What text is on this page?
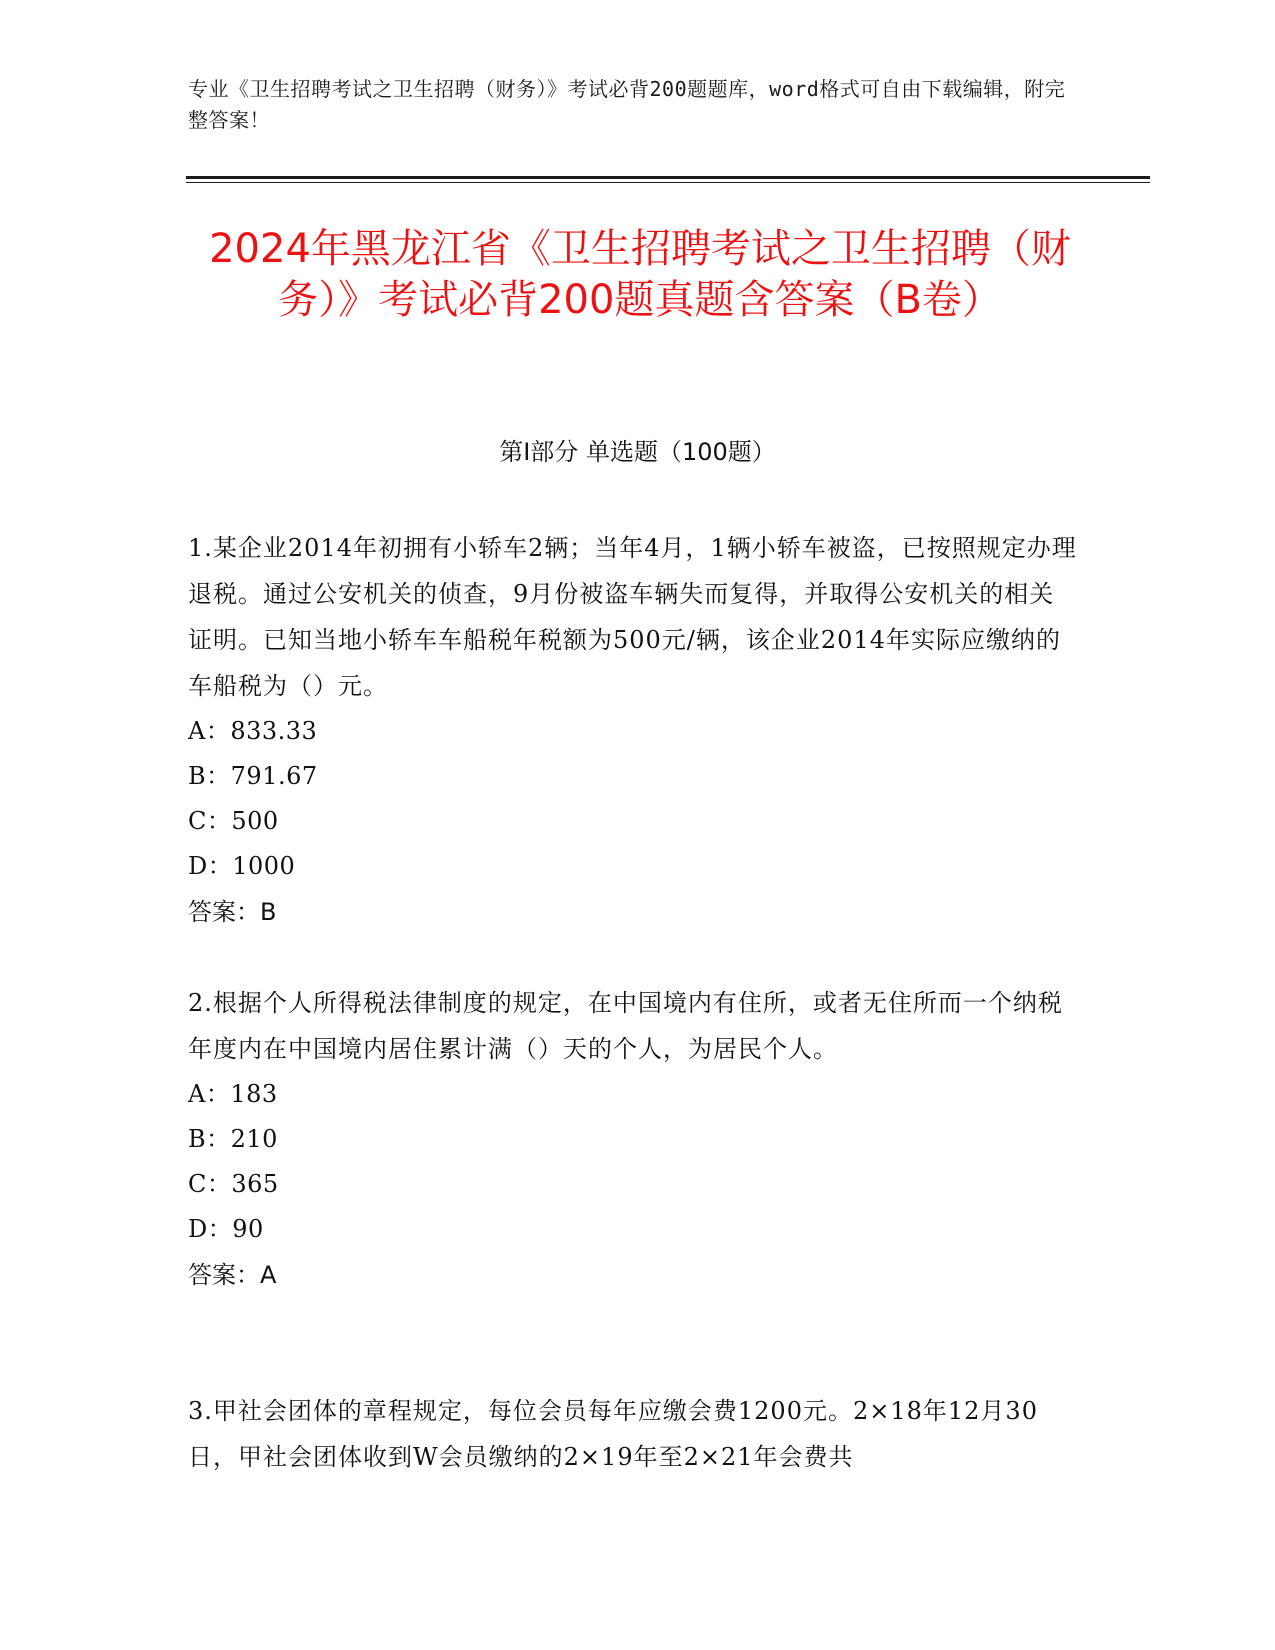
专业《卫生招聘考试之卫生招聘（财务）》考试必背200题题库，word格式可自由下载编辑，附完整答案！
2024年黑龙江省《卫生招聘考试之卫生招聘（财务）》考试必背200题真题含答案（B卷）
第Ⅰ部分 单选题（100题）

1.某企业2014年初拥有小轿车2辆；当年4月，1辆小轿车被盗，已按照规定办理退税。通过公安机关的侦查，9月份被盗车辆失而复得，并取得公安机关的相关证明。已知当地小轿车车船税年税额为500元/辆，该企业2014年实际应缴纳的车船税为（）元。

A：833.33

B：791.67

C：500

D：1000

答案：B

2.根据个人所得税法律制度的规定，在中国境内有住所，或者无住所而一个纳税年度内在中国境内居住累计满（）天的个人，为居民个人。

A：183

B：210

C：365

D：90

答案：A

3.甲社会团体的章程规定，每位会员每年应缴会费1200元。2×18年12月30日，甲社会团体收到W会员缴纳的2×19年至2×21年会费共
